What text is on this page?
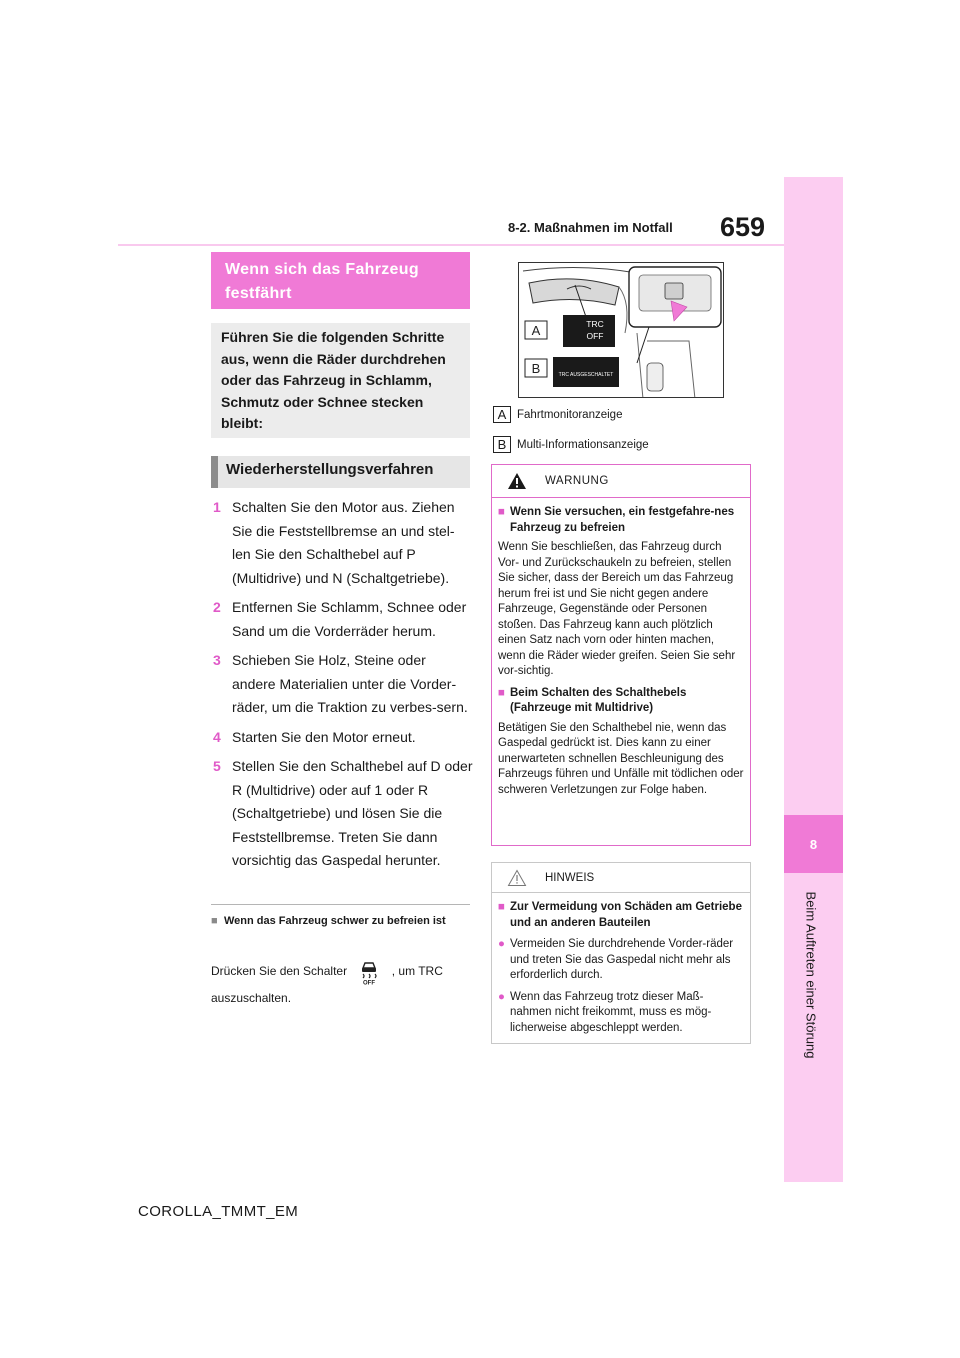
659
8-2. Maßnahmen im Notfall
8
Beim Auftreten einer Störung
Wenn sich das Fahrzeug festfährt
Führen Sie die folgenden Schritte aus, wenn die Räder durchdrehen oder das Fahrzeug in Schlamm, Schmutz oder Schnee stecken bleibt:
Wiederherstellungsverfahren
1 Schalten Sie den Motor aus. Ziehen Sie die Feststellbremse an und stel-len Sie den Schalthebel auf P (Multidrive) und N (Schaltgetriebe).
2 Entfernen Sie Schlamm, Schnee oder Sand um die Vorderräder herum.
3 Schieben Sie Holz, Steine oder andere Materialien unter die Vorder-räder, um die Traktion zu verbes-sern.
4 Starten Sie den Motor erneut.
5 Stellen Sie den Schalthebel auf D oder R (Multidrive) oder auf 1 oder R (Schaltgetriebe) und lösen Sie die Feststellbremse. Treten Sie dann vorsichtig das Gaspedal herunter.
■ Wenn das Fahrzeug schwer zu befreien ist
Drücken Sie den Schalter
OFF
, um TRC auszuschalten.
A	TRC
OFF
B	TRC AUSGESCHALTET
A Fahrtmonitoranzeige
B Multi-Informationsanzeige
WARNUNG
■ Wenn Sie versuchen, ein festgefahre-nes Fahrzeug zu befreien
Wenn Sie beschließen, das Fahrzeug durch Vor- und Zurückschaukeln zu befreien, stellen Sie sicher, dass der Bereich um das Fahrzeug herum frei ist und Sie nicht gegen andere Fahrzeuge, Gegenstände oder Personen stoßen. Das Fahrzeug kann auch plötzlich einen Satz nach vorn oder hinten machen, wenn die Räder wieder greifen. Seien Sie sehr vor-sichtig.
■ Beim Schalten des Schalthebels (Fahrzeuge mit Multidrive)
Betätigen Sie den Schalthebel nie, wenn das Gaspedal gedrückt ist. Dies kann zu einer unerwarteten schnellen Beschleunigung des Fahrzeugs führen und Unfälle mit tödlichen oder schweren Verletzungen zur Folge haben.
HINWEIS
■ Zur Vermeidung von Schäden am Getriebe und an anderen Bauteilen
● Vermeiden Sie durchdrehende Vorder-räder und treten Sie das Gaspedal nicht mehr als erforderlich durch.
● Wenn das Fahrzeug trotz dieser Maß-nahmen nicht freikommt, muss es mög-licherweise abgeschleppt werden.
COROLLA_TMMT_EM
